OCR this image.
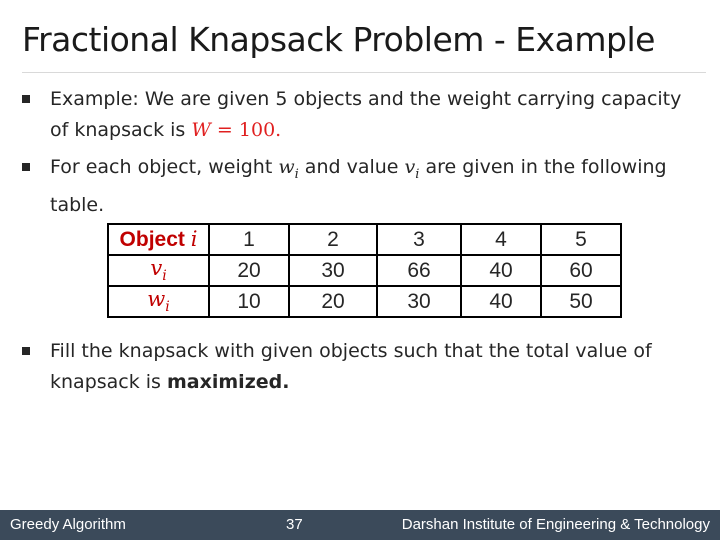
Fractional Knapsack Problem - Example
Example: We are given 5 objects and the weight carrying capacity
of knapsack is W = 100.
For each object, weight $w_i$ and value $v_i$ are given in the following
table.
Object i	1	2	3	4	5
$v_i$	20	30	66	40	60
$w_i$	10	20	30	40	50
Fill the knapsack with given objects such that the total value of
knapsack is maximized.
Greedy Algorithm	37	Darshan Institute of Engineering & Technology
